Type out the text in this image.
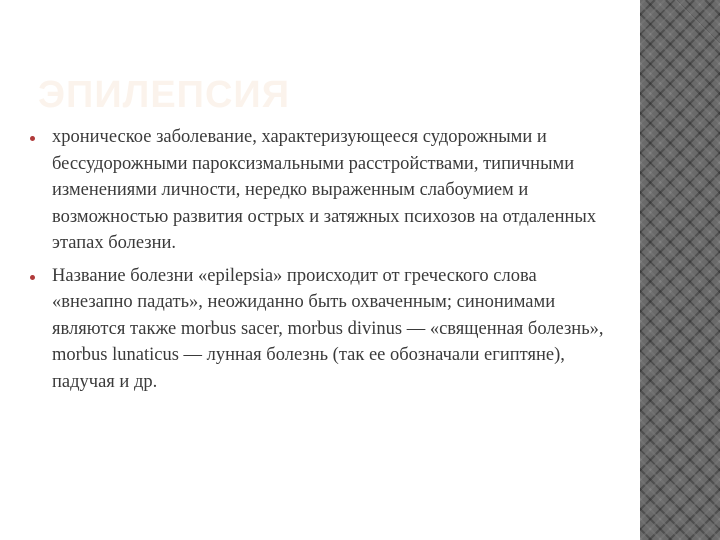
ЭПИЛЕПСИЯ
хроническое заболевание, характеризующееся судорожными и бессудорожными пароксизмальными расстройствами, типичными изменениями личности, нередко выраженным слабоумием и возможностью развития острых и затяжных психозов на отдаленных этапах болезни.
Название болезни «epilepsia» происходит от греческого слова «внезапно падать», неожиданно быть охваченным; синонимами являются также morbus sacer, morbus divinus — «священная болезнь», morbus lunaticus — лунная болезнь (так ее обозначали египтяне), падучая и др.
